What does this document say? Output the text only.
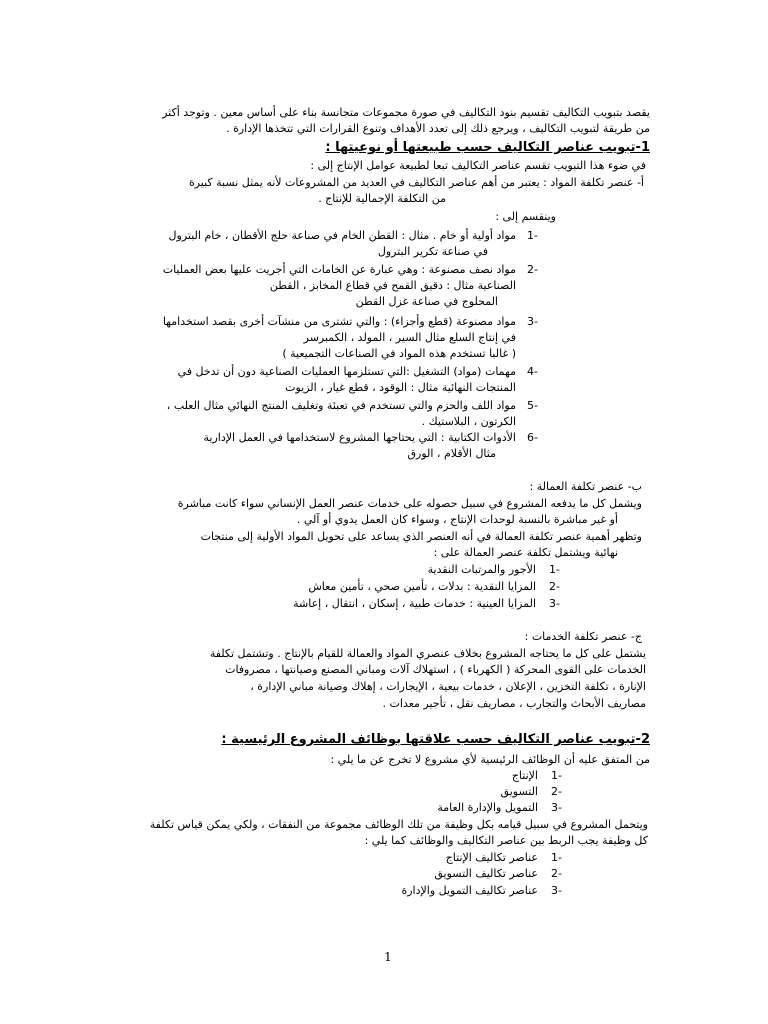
يقصد بتبويب التكاليف تقسيم بنود التكاليف في صورة مجموعات متجانسة بناء على أساس معين . وتوجد أكثر
من طريقة لتبويب التكاليف ، ويرجع ذلك إلى تعدد الأهداف وتنوع القرارات التي تتخذها الإدارة .
1-تبويب عناصر التكاليف حسب طبيعتها أو نوعيتها :
في ضوء هذا التبويب تقسم عناصر التكاليف تبعا لطبيعة عوامل الإنتاج إلى :
أ- عنصر تكلفة المواد : يعتبر من أهم عناصر التكاليف في العديد من المشروعات لأنه يمثل نسبة كبيرة
من التكلفة الإجمالية للإنتاج .
وينقسم إلى :
-1
مواد أولية أو خام . مثال : القطن الخام في صناعة حلج الأقطان ، خام البترول
في صناعة تكرير البترول
-2
مواد نصف مصنوعة : وهي عبارة عن الخامات التي أجريت عليها بعض العمليات
الصناعية مثال : دقيق القمح في قطاع المخابز ، القطن
المحلوج في صناعة غزل القطن
-3
مواد مصنوعة (قطع وأجزاء) : والتي تشترى من منشآت أخرى بقصد استخدامها
في إنتاج السلع مثال السير ، المولد ، الكمبرسر
( غالبا تستخدم هذه المواد في الصناعات التجميعية )
-4
مهمات (مواد) التشغيل :التي تستلزمها العمليات الصناعية دون أن تدخل في
المنتجات النهائية مثال : الوقود ، قطع غيار ، الزيوت
-5
مواد اللف والحزم والتي تستخدم في تعبئة وتغليف المنتج النهائي مثال العلب ،
الكرتون ، البلاستيك .
-6
الأدوات الكتابية : التي يحتاجها المشروع لاستخدامها في العمل الإدارية
مثال الأقلام ، الورق
ب- عنصر تكلفة العمالة :
ويشمل كل ما يدفعه المشروع في سبيل حصوله على خدمات عنصر العمل الإنساني سواء كانت مباشرة
أو غير مباشرة بالنسبة لوحدات الإنتاج ، وسواء كان العمل يدوي أو آلي .
وتظهر أهمية عنصر تكلفة العمالة في أنه العنصر الذي يساعد على تحويل المواد الأولية إلى منتجات
نهائية ويشتمل تكلفة عنصر العمالة على :
-1
الأجور والمرتبات النقدية
-2
المزايا النقدية : بدلات ، تأمين صحي ، تأمين معاش
-3
المزايا العينية : خدمات طبية ، إسكان ، انتقال ، إعاشة
ج- عنصر تكلفة الخدمات :
يشتمل على كل ما يحتاجه المشروع بخلاف عنصري المواد والعمالة للقيام بالإنتاج . وتشتمل تكلفة
الخدمات على القوى المحركة ( الكهرباء ) ، استهلاك آلات ومباني المصنع وصيانتها ، مصروفات
الإنارة ، تكلفة التخزين ، الإعلان ، خدمات بيعية ، الإيجارات ، إهلاك وصيانة مباني الإدارة ،
مصاريف الأبحاث والتجارب ، مصاريف نقل ، تأجير معدات .
2-تبويب عناصر التكاليف حسب علاقتها بوظائف المشروع الرئيسية :
من المتفق عليه أن الوظائف الرئيسية لأي مشروع لا تخرج عن ما يلي :
-1
الإنتاج
-2
التسويق
-3
التمويل والإدارة العامة
ويتحمل المشروع في سبيل قيامه بكل وظيفة من تلك الوظائف مجموعة من النفقات ، ولكي يمكن قياس تكلفة
كل وظيفة يجب الربط بين عناصر التكاليف والوظائف كما يلي :
-1
عناصر تكاليف الإنتاج
-2
عناصر تكاليف التسويق
-3
عناصر تكاليف التمويل والإدارة
1
